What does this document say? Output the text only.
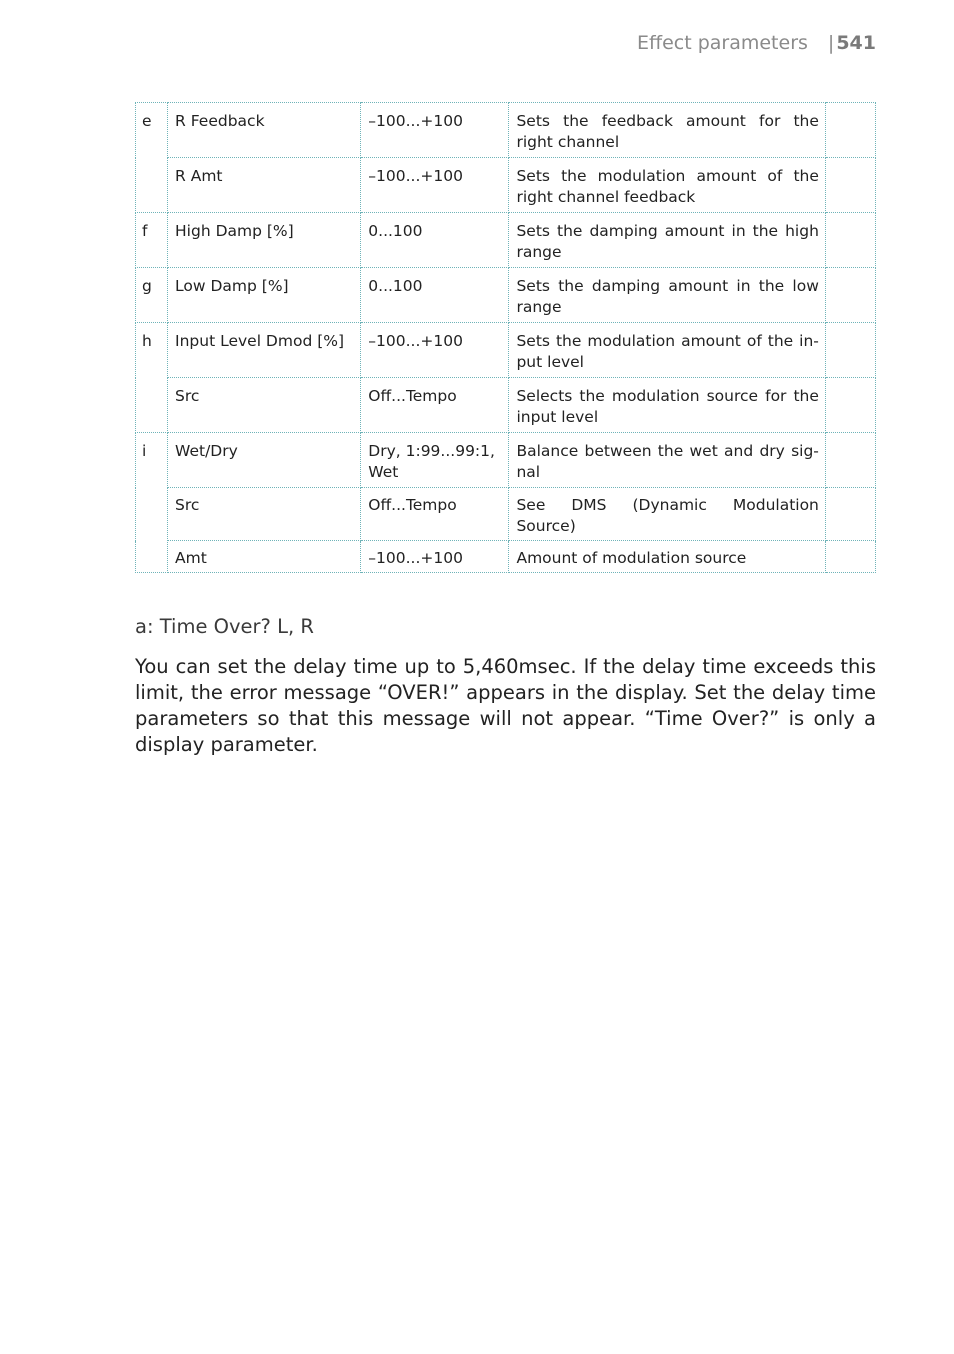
Effect parameters | 541
e	R Feedback	–100...+100	Sets the feedback amount for the right channel	
	R Amt	–100...+100	Sets the modulation amount of the right channel feedback	
f	High Damp [%]	0...100	Sets the damping amount in the high range	
g	Low Damp [%]	0...100	Sets the damping amount in the low range	
h	Input Level Dmod [%]	–100...+100	Sets the modulation amount of the in-put level	
	Src	Off...Tempo	Selects the modulation source for the input level	
i	Wet/Dry	Dry, 1:99...99:1, Wet	Balance between the wet and dry sig-nal	
	Src	Off...Tempo	See DMS (Dynamic Modulation Source)	
	Amt	–100...+100	Amount of modulation source	
a: Time Over? L, R

You can set the delay time up to 5,460msec. If the delay time exceeds this limit, the error message “OVER!” appears in the display. Set the delay time parameters so that this message will not appear. “Time Over?” is only a display parameter.
